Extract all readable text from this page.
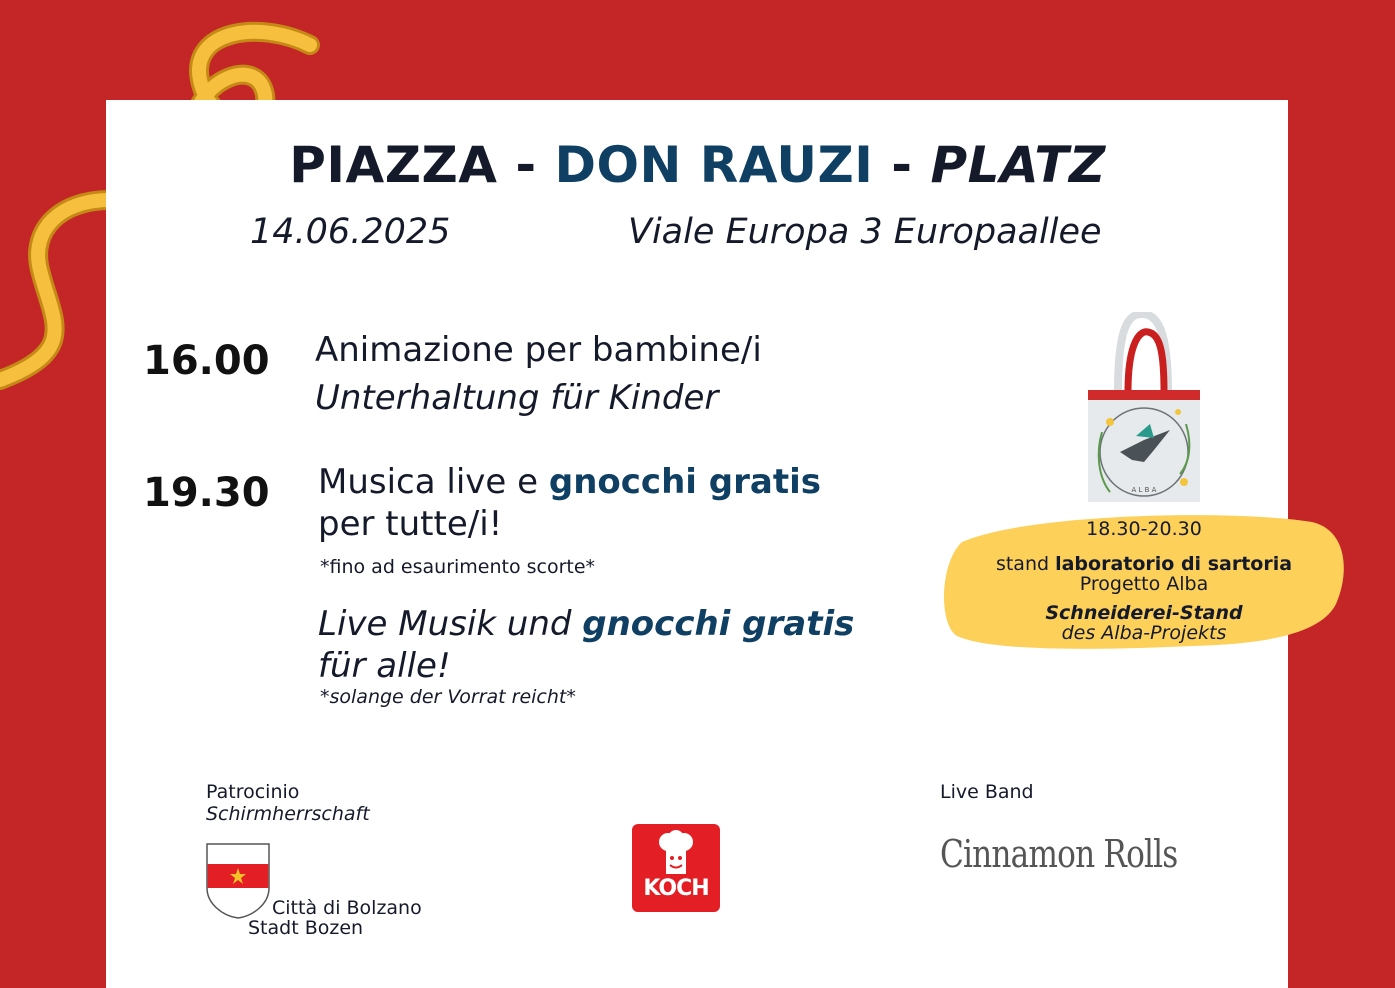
PIAZZA - DON RAUZI - PLATZ
14.06.2025	Viale Europa 3 Europaallee
16.00 Animazione per bambine/i
Unterhaltung für Kinder
19.30 Musica live e gnocchi gratis
per tutte/i!
*fino ad esaurimento scorte*
Live Musik und gnocchi gratis
für alle!
*solange der Vorrat reicht*
A L B A
18.30-20.30
stand laboratorio di sartoria
Progetto Alba
Schneiderei-Stand
des Alba-Projekts
Patrocinio
Schirmherrschaft
Città di Bolzano
Stadt Bozen
KOCH
Live Band
Cinnamon Rolls
